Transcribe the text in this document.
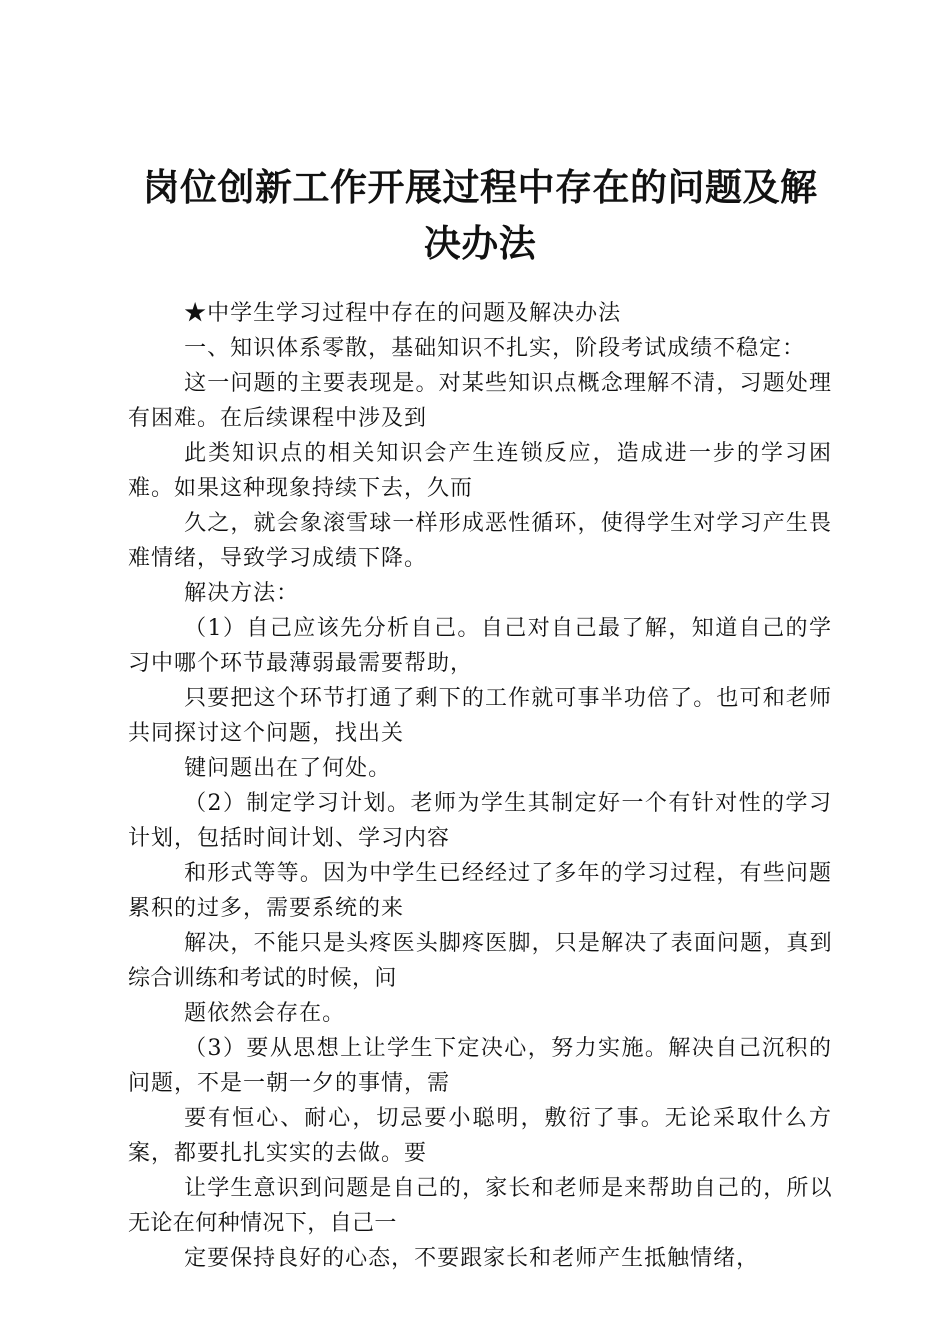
岗位创新工作开展过程中存在的问题及解决办法

★中学生学习过程中存在的问题及解决办法

一、知识体系零散，基础知识不扎实，阶段考试成绩不稳定：

这一问题的主要表现是。对某些知识点概念理解不清，习题处理有困难。在后续课程中涉及到

此类知识点的相关知识会产生连锁反应，造成进一步的学习困难。如果这种现象持续下去，久而

久之，就会象滚雪球一样形成恶性循环，使得学生对学习产生畏难情绪，导致学习成绩下降。

解决方法：

（1）自己应该先分析自己。自己对自己最了解，知道自己的学习中哪个环节最薄弱最需要帮助，

只要把这个环节打通了剩下的工作就可事半功倍了。也可和老师共同探讨这个问题，找出关

键问题出在了何处。

（2）制定学习计划。老师为学生其制定好一个有针对性的学习计划，包括时间计划、学习内容

和形式等等。因为中学生已经经过了多年的学习过程，有些问题累积的过多，需要系统的来

解决，不能只是头疼医头脚疼医脚，只是解决了表面问题，真到综合训练和考试的时候，问

题依然会存在。

（3）要从思想上让学生下定决心，努力实施。解决自己沉积的问题，不是一朝一夕的事情，需

要有恒心、耐心，切忌要小聪明，敷衍了事。无论采取什么方案，都要扎扎实实的去做。要

让学生意识到问题是自己的，家长和老师是来帮助自己的，所以无论在何种情况下，自己一

定要保持良好的心态，不要跟家长和老师产生抵触情绪，
